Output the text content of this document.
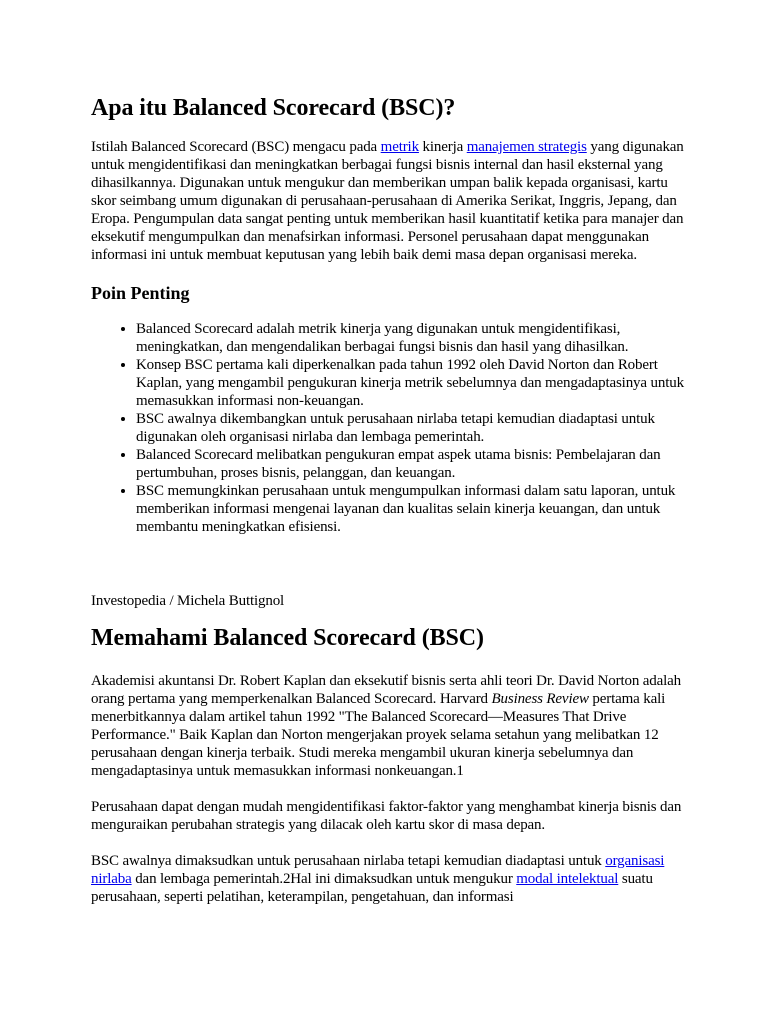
Apa itu Balanced Scorecard (BSC)?

Istilah Balanced Scorecard (BSC) mengacu pada metrik kinerja manajemen strategis yang digunakan untuk mengidentifikasi dan meningkatkan berbagai fungsi bisnis internal dan hasil eksternal yang dihasilkannya. Digunakan untuk mengukur dan memberikan umpan balik kepada organisasi, kartu skor seimbang umum digunakan di perusahaan-perusahaan di Amerika Serikat, Inggris, Jepang, dan Eropa. Pengumpulan data sangat penting untuk memberikan hasil kuantitatif ketika para manajer dan eksekutif mengumpulkan dan menafsirkan informasi. Personel perusahaan dapat menggunakan informasi ini untuk membuat keputusan yang lebih baik demi masa depan organisasi mereka.

Poin Penting
• Balanced Scorecard adalah metrik kinerja yang digunakan untuk mengidentifikasi, meningkatkan, dan mengendalikan berbagai fungsi bisnis dan hasil yang dihasilkan.
• Konsep BSC pertama kali diperkenalkan pada tahun 1992 oleh David Norton dan Robert Kaplan, yang mengambil pengukuran kinerja metrik sebelumnya dan mengadaptasinya untuk memasukkan informasi non-keuangan.
• BSC awalnya dikembangkan untuk perusahaan nirlaba tetapi kemudian diadaptasi untuk digunakan oleh organisasi nirlaba dan lembaga pemerintah.
• Balanced Scorecard melibatkan pengukuran empat aspek utama bisnis: Pembelajaran dan pertumbuhan, proses bisnis, pelanggan, dan keuangan.
• BSC memungkinkan perusahaan untuk mengumpulkan informasi dalam satu laporan, untuk memberikan informasi mengenai layanan dan kualitas selain kinerja keuangan, dan untuk membantu meningkatkan efisiensi.

Investopedia / Michela Buttignol

Memahami Balanced Scorecard (BSC)

Akademisi akuntansi Dr. Robert Kaplan dan eksekutif bisnis serta ahli teori Dr. David Norton adalah orang pertama yang memperkenalkan Balanced Scorecard. Harvard Business Review pertama kali menerbitkannya dalam artikel tahun 1992 "The Balanced Scorecard—Measures That Drive Performance." Baik Kaplan dan Norton mengerjakan proyek selama setahun yang melibatkan 12 perusahaan dengan kinerja terbaik. Studi mereka mengambil ukuran kinerja sebelumnya dan mengadaptasinya untuk memasukkan informasi nonkeuangan.1

Perusahaan dapat dengan mudah mengidentifikasi faktor-faktor yang menghambat kinerja bisnis dan menguraikan perubahan strategis yang dilacak oleh kartu skor di masa depan.

BSC awalnya dimaksudkan untuk perusahaan nirlaba tetapi kemudian diadaptasi untuk organisasi nirlaba dan lembaga pemerintah.2Hal ini dimaksudkan untuk mengukur modal intelektual suatu perusahaan, seperti pelatihan, keterampilan, pengetahuan, dan informasi
